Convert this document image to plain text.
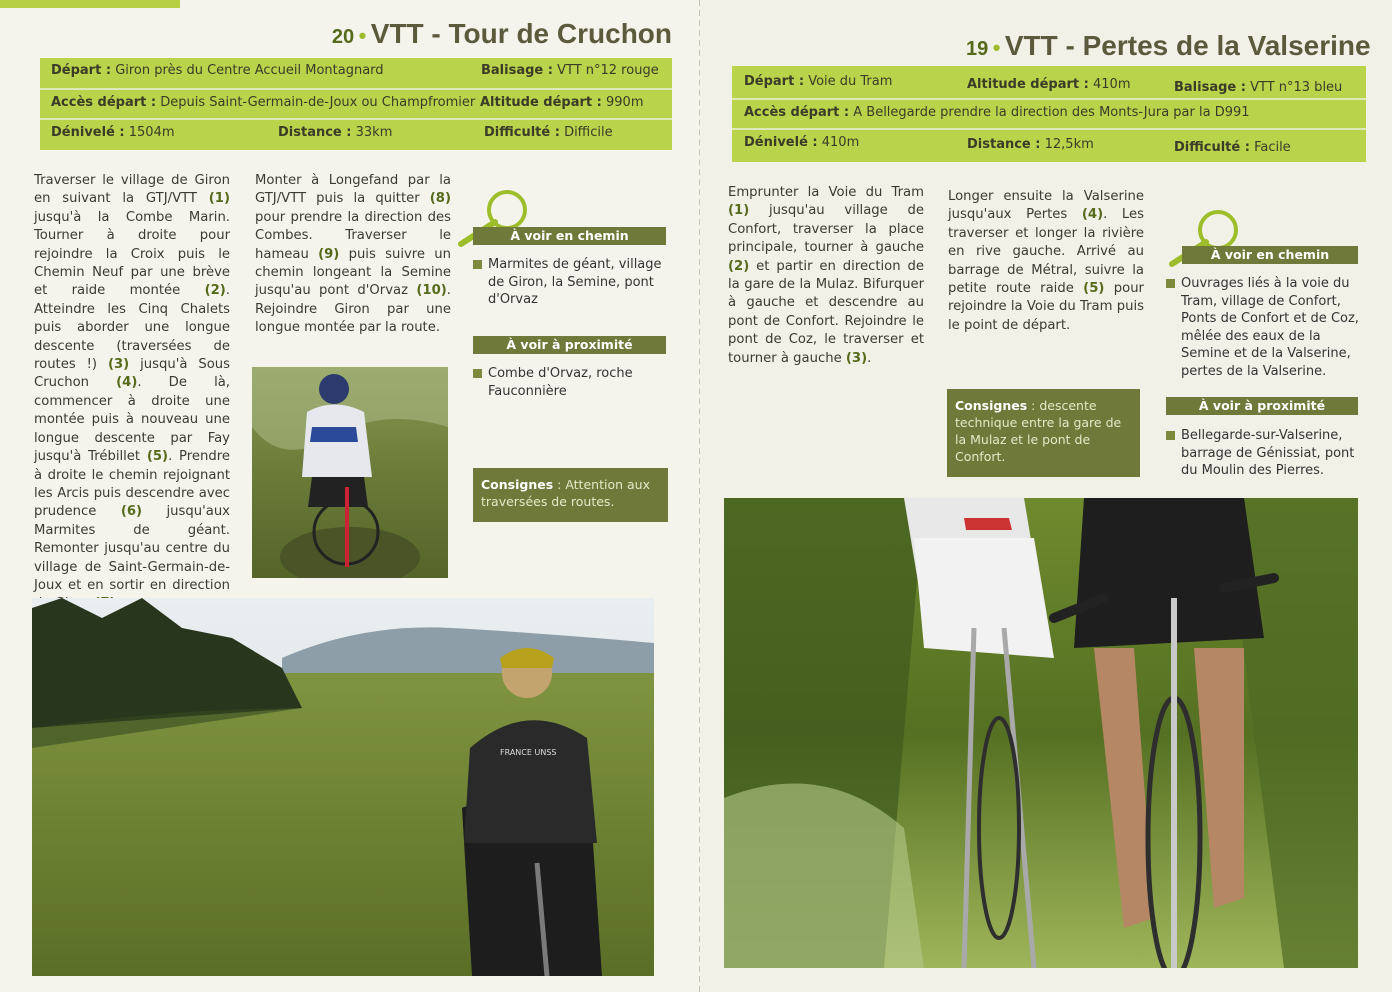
20 • VTT - Tour de Cruchon
Départ : Giron près du Centre Accueil Montagnard	Balisage : VTT n°12 rouge
Accès départ : Depuis Saint-Germain-de-Joux ou Champfromier Altitude départ : 990m
Dénivelé : 1504m	Distance : 33km	Difficulté : Difficile
Traverser le village de Giron en suivant la GTJ/VTT (1) jusqu'à la Combe Marin. Tourner à droite pour rejoindre la Croix puis le Chemin Neuf par une brève et raide montée (2). Atteindre les Cinq Chalets puis aborder une longue descente (traversées de routes !) (3) jusqu'à Sous Cruchon (4). De là, commencer à droite une montée puis à nouveau une longue descente par Fay jusqu'à Trébillet (5). Prendre à droite le chemin rejoignant les Arcis puis descendre avec prudence (6) jusqu'aux Marmites de géant. Remonter jusqu'au centre du village de Saint-Germain-de-Joux et en sortir en direction
Monter à Longefand par la GTJ/VTT puis la quitter (8) pour prendre la direction des Combes. Traverser le hameau (9) puis suivre un chemin longeant la Semine jusqu'au pont d'Orvaz (10). Rejoindre Giron par une longue montée par la route.
À voir en chemin
Marmites de géant, village de Giron, la Semine, pont d'Orvaz
À voir à proximité
Combe d'Orvaz, roche Fauconnière
Consignes : Attention aux traversées de routes.
FRANCE UNSS
19 • VTT - Pertes de la Valserine
Départ : Voie du Tram	Altitude départ : 410m	Balisage : VTT n°13 bleu
Accès départ : A Bellegarde prendre la direction des Monts-Jura par la D991
Dénivelé : 410m	Distance : 12,5km	Difficulté : Facile
Emprunter la Voie du Tram (1) jusqu'au village de Confort, traverser la place principale, tourner à gauche (2) et partir en direction de la gare de la Mulaz. Bifurquer à gauche et descendre au pont de Confort. Rejoindre le pont de Coz, le traverser et tourner à gauche (3).
Longer ensuite la Valserine jusqu'aux Pertes (4). Les traverser et longer la rivière en rive gauche. Arrivé au barrage de Métral, suivre la petite route raide (5) pour rejoindre la Voie du Tram puis le point de départ.
Consignes : descente technique entre la gare de la Mulaz et le pont de Confort.
À voir en chemin
Ouvrages liés à la voie du Tram, village de Confort, Ponts de Confort et de Coz, mêlée des eaux de la Semine et de la Valserine, pertes de la Valserine.
À voir à proximité
Bellegarde-sur-Valserine, barrage de Génissiat, pont du Moulin des Pierres.
